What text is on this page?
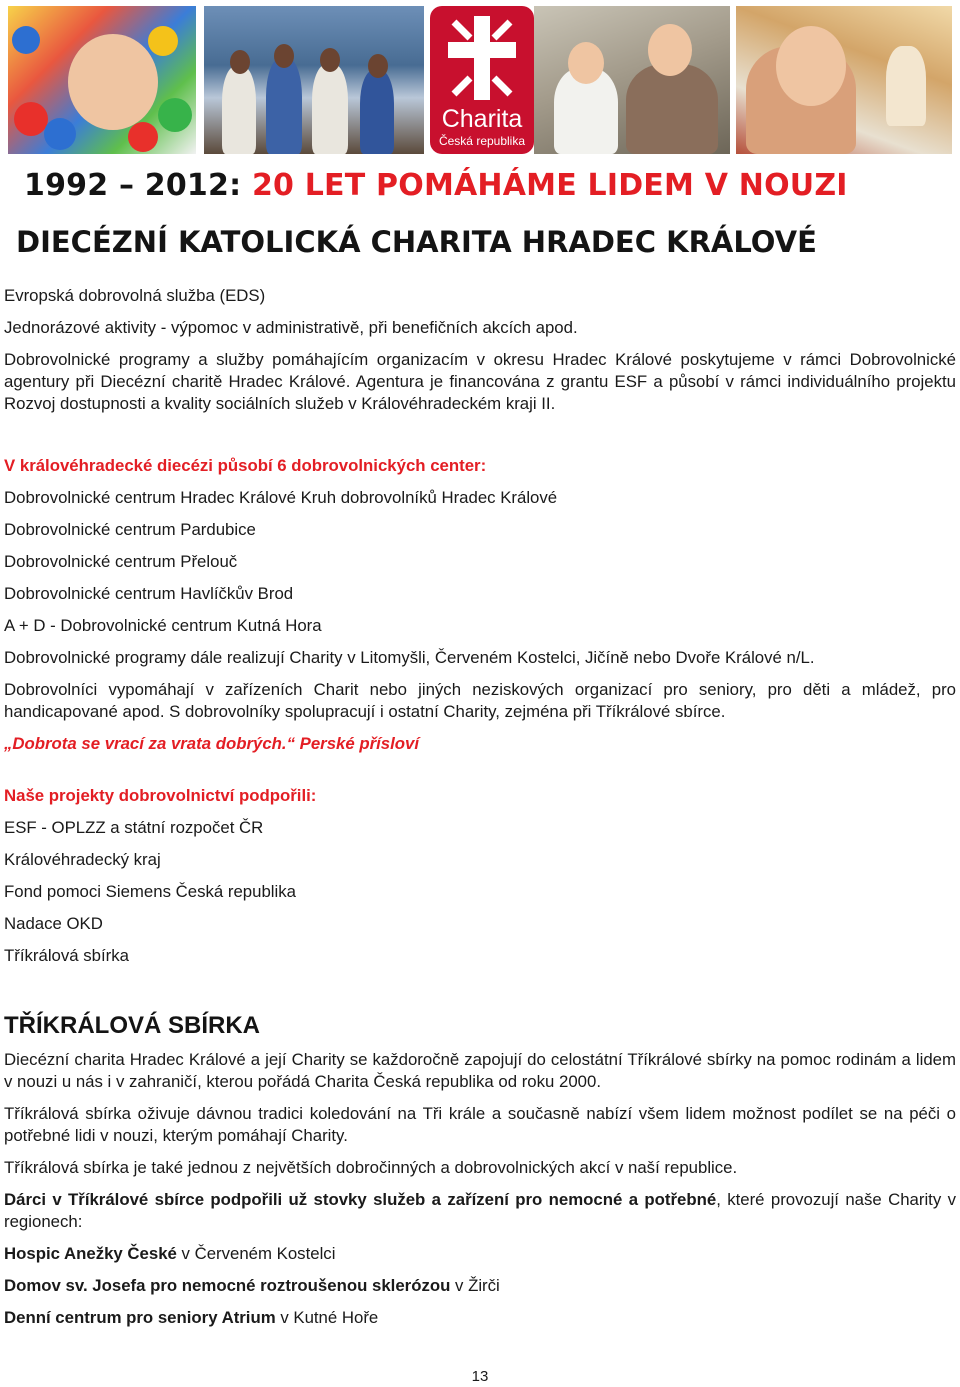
Charita
Česká republika
1992 – 2012: 20 LET POMÁHÁME LIDEM V NOUZI
DIECÉZNÍ KATOLICKÁ CHARITA HRADEC KRÁLOVÉ

Evropská dobrovolná služba (EDS)

Jednorázové aktivity - výpomoc v administrativě, při benefičních akcích apod.

Dobrovolnické programy a služby pomáhajícím organizacím v okresu Hradec Králové poskytujeme v rámci Dobrovolnické agentury při Diecézní charitě Hradec Králové. Agentura je financována z grantu ESF a působí v rámci individuálního projektu Rozvoj dostupnosti a kvality sociálních služeb v Královéhradeckém kraji II.

V královéhradecké diecézi působí 6 dobrovolnických center:

Dobrovolnické centrum Hradec Králové Kruh dobrovolníků Hradec Králové

Dobrovolnické centrum Pardubice

Dobrovolnické centrum Přelouč

Dobrovolnické centrum Havlíčkův Brod

A + D - Dobrovolnické centrum Kutná Hora

Dobrovolnické programy dále realizují Charity v Litomyšli, Červeném Kostelci, Jičíně nebo Dvoře Králové n/L.

Dobrovolníci vypomáhají v zařízeních Charit nebo jiných neziskových organizací pro seniory, pro děti a mládež, pro handicapované apod. S dobrovolníky spolupracují i ostatní Charity, zejména při Tříkrálové sbírce.

„Dobrota se vrací za vrata dobrých.“ Perské přísloví

Naše projekty dobrovolnictví podpořili:

ESF - OPLZZ a státní rozpočet ČR

Královéhradecký kraj

Fond pomoci Siemens Česká republika

Nadace OKD

Tříkrálová sbírka

TŘÍKRÁLOVÁ SBÍRKA

Diecézní charita Hradec Králové a její Charity se každoročně zapojují do celostátní Tříkrálové sbírky na pomoc rodinám a lidem v nouzi u nás i v zahraničí, kterou pořádá Charita Česká republika od roku 2000.

Tříkrálová sbírka oživuje dávnou tradici koledování na Tři krále a současně nabízí všem lidem možnost podílet se na péči o potřebné lidi v nouzi, kterým pomáhají Charity.

Tříkrálová sbírka je také jednou z největších dobročinných a dobrovolnických akcí v naší republice.

Dárci v Tříkrálové sbírce podpořili už stovky služeb a zařízení pro nemocné a potřebné, které provozují naše Charity v regionech:

Hospic Anežky České v Červeném Kostelci

Domov sv. Josefa pro nemocné roztroušenou sklerózou v Žirči

Denní centrum pro seniory Atrium v Kutné Hoře

13
